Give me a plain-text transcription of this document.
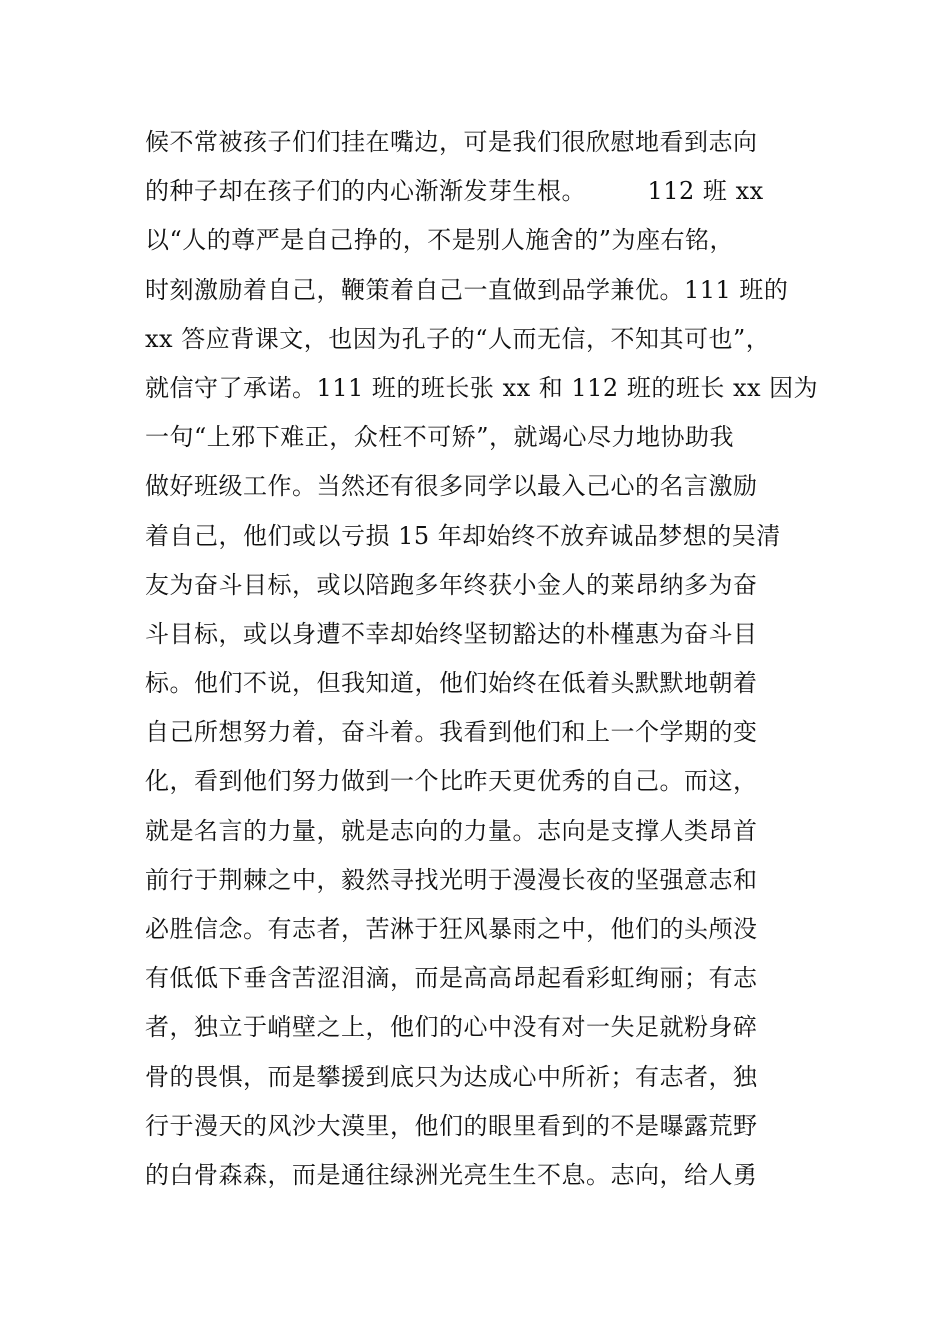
候不常被孩子们们挂在嘴边，可是我们很欣慰地看到志向
的种子却在孩子们的内心渐渐发芽生根。　　　112 班 xx
以“人的尊严是自己挣的，不是别人施舍的”为座右铭，
时刻激励着自己，鞭策着自己一直做到品学兼优。111 班的
xx 答应背课文，也因为孔子的“人而无信，不知其可也”，
就信守了承诺。111 班的班长张 xx 和 112 班的班长 xx 因为
一句“上邪下难正，众枉不可矫”，就竭心尽力地协助我
做好班级工作。当然还有很多同学以最入己心的名言激励
着自己，他们或以亏损 15 年却始终不放弃诚品梦想的吴清
友为奋斗目标，或以陪跑多年终获小金人的莱昂纳多为奋
斗目标，或以身遭不幸却始终坚韧豁达的朴槿惠为奋斗目
标。他们不说，但我知道，他们始终在低着头默默地朝着
自己所想努力着，奋斗着。我看到他们和上一个学期的变
化，看到他们努力做到一个比昨天更优秀的自己。而这，
就是名言的力量，就是志向的力量。志向是支撑人类昂首
前行于荆棘之中，毅然寻找光明于漫漫长夜的坚强意志和
必胜信念。有志者，苦淋于狂风暴雨之中，他们的头颅没
有低低下垂含苦涩泪滴，而是高高昂起看彩虹绚丽；有志
者，独立于峭壁之上，他们的心中没有对一失足就粉身碎
骨的畏惧，而是攀援到底只为达成心中所祈；有志者，独
行于漫天的风沙大漠里，他们的眼里看到的不是曝露荒野
的白骨森森，而是通往绿洲光亮生生不息。志向，给人勇
